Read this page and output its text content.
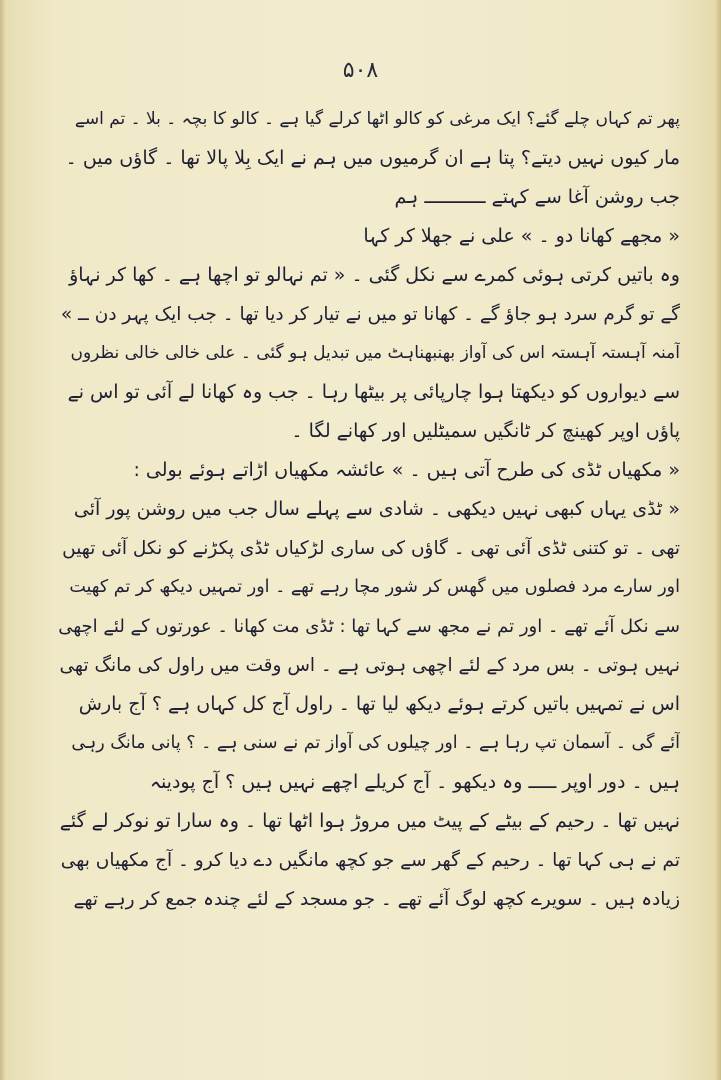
۵۰۸
پھر تم کہاں چلے گئے؟ ایک مرغی کو کالو اٹھا کرلے گیا ہے ۔ کالو کا بچہ ۔ بلا ۔ تم اسے
مار کیوں نہیں دیتے؟ پتا ہے ان گرمیوں میں ہم نے ایک بِلا پالا تھا ۔ گاؤں میں ۔
جب روشن آغا سے کہتے ـــــــــــ ہم
« مجھے کھانا دو ۔ » علی نے جھلا کر کہا
وہ باتیں کرتی ہوئی کمرے سے نکل گئی ۔ « تم نہالو تو اچھا ہے ۔ کھا کر نہاؤ
گے تو گرم سرد ہو جاؤ گے ۔ کھانا تو میں نے تیار کر دیا تھا ۔ جب ایک پہر دن ــ »
آمنہ آہستہ آہستہ اس کی آواز بھنبھناہٹ میں تبدیل ہو گئی ۔ علی خالی خالی نظروں
سے دیواروں کو دیکھتا ہوا چارپائی پر بیٹھا رہا ۔ جب وہ کھانا لے آئی تو اس نے
پاؤں اوپر کھینچ کر ٹانگیں سمیٹلیں اور کھانے لگا ۔
« مکھیاں ٹڈی کی طرح آتی ہیں ۔ » عائشہ مکھیاں اڑاتے ہوئے بولی :
« ٹڈی یہاں کبھی نہیں دیکھی ۔ شادی سے پہلے سال جب میں روشن پور آئی
تھی ۔ تو کتنی ٹڈی آئی تھی ۔ گاؤں کی ساری لڑکیاں ٹڈی پکڑنے کو نکل آئی تھیں
اور سارے مرد فصلوں میں گھس کر شور مچا رہے تھے ۔ اور تمہیں دیکھ کر تم کھیت
سے نکل آئے تھے ۔ اور تم نے مجھ سے کہا تھا : ٹڈی مت کھانا ۔ عورتوں کے لئے اچھی
نہیں ہوتی ۔ بس مرد کے لئے اچھی ہوتی ہے ۔ اس وقت میں راول کی مانگ تھی
اس نے تمہیں باتیں کرتے ہوئے دیکھ لیا تھا ۔ راول آج کل کہاں ہے ؟ آج بارش
آئے گی ۔ آسمان تپ رہا ہے ۔ اور چیلوں کی آواز تم نے سنی ہے ۔ ؟ پانی مانگ رہی
ہیں ۔ دور اوپر ـــــ وہ دیکھو ۔ آج کریلے اچھے نہیں ہیں ؟ آج پودینہ
نہیں تھا ۔ رحیم کے بیٹے کے پیٹ میں مروڑ ہوا اٹھا تھا ۔ وہ سارا تو نوکر لے گئے
تم نے ہی کہا تھا ۔ رحیم کے گھر سے جو کچھ مانگیں دے دیا کرو ۔ آج مکھیاں بھی
زیادہ ہیں ۔ سویرے کچھ لوگ آئے تھے ۔ جو مسجد کے لئے چندہ جمع کر رہے تھے
